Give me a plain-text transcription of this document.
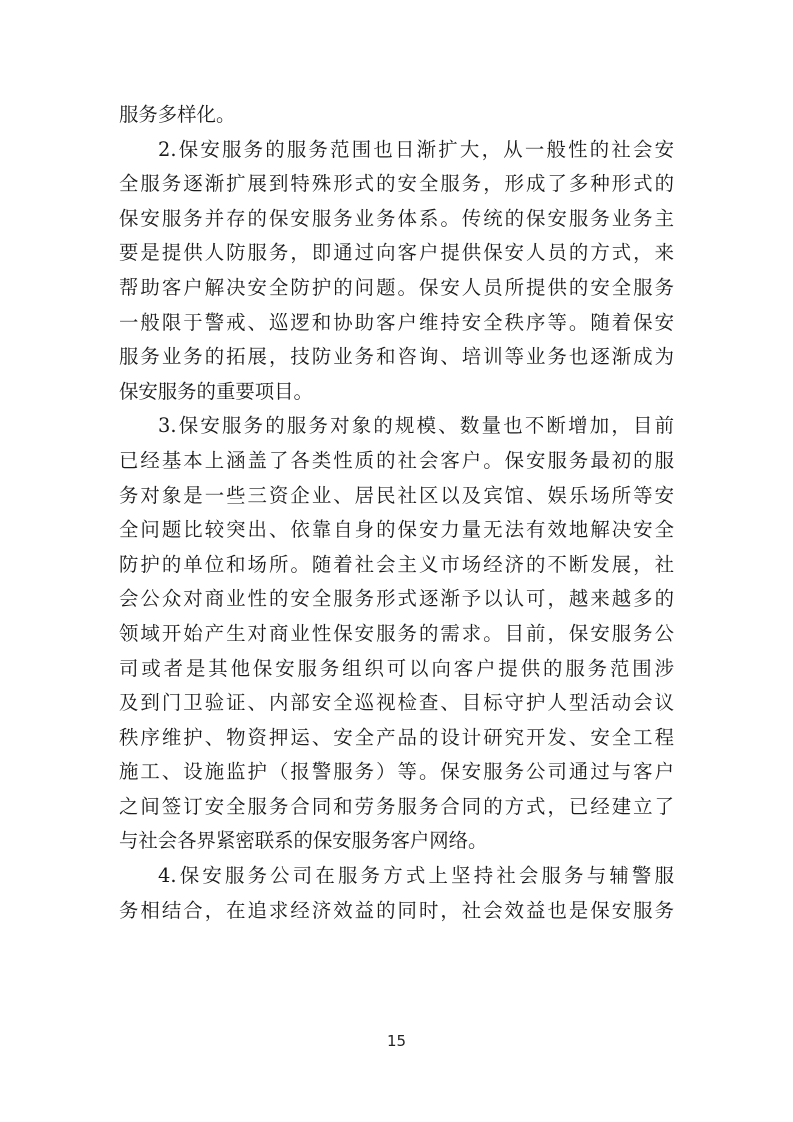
服务多样化。
2.保安服务的服务范围也日渐扩大，从一般性的社会安
全服务逐渐扩展到特殊形式的安全服务，形成了多种形式的
保安服务并存的保安服务业务体系。传统的保安服务业务主
要是提供人防服务，即通过向客户提供保安人员的方式，来
帮助客户解决安全防护的问题。保安人员所提供的安全服务
一般限于警戒、巡逻和协助客户维持安全秩序等。随着保安
服务业务的拓展，技防业务和咨询、培训等业务也逐渐成为
保安服务的重要项目。
3.保安服务的服务对象的规模、数量也不断增加，目前
已经基本上涵盖了各类性质的社会客户。保安服务最初的服
务对象是一些三资企业、居民社区以及宾馆、娱乐场所等安
全问题比较突出、依靠自身的保安力量无法有效地解决安全
防护的单位和场所。随着社会主义市场经济的不断发展，社
会公众对商业性的安全服务形式逐渐予以认可，越来越多的
领域开始产生对商业性保安服务的需求。目前，保安服务公
司或者是其他保安服务组织可以向客户提供的服务范围涉
及到门卫验证、内部安全巡视检查、目标守护人型活动会议
秩序维护、物资押运、安全产品的设计研究开发、安全工程
施工、设施监护（报警服务）等。保安服务公司通过与客户
之间签订安全服务合同和劳务服务合同的方式，已经建立了
与社会各界紧密联系的保安服务客户网络。
4.保安服务公司在服务方式上坚持社会服务与辅警服
务相结合，在追求经济效益的同时，社会效益也是保安服务
15
